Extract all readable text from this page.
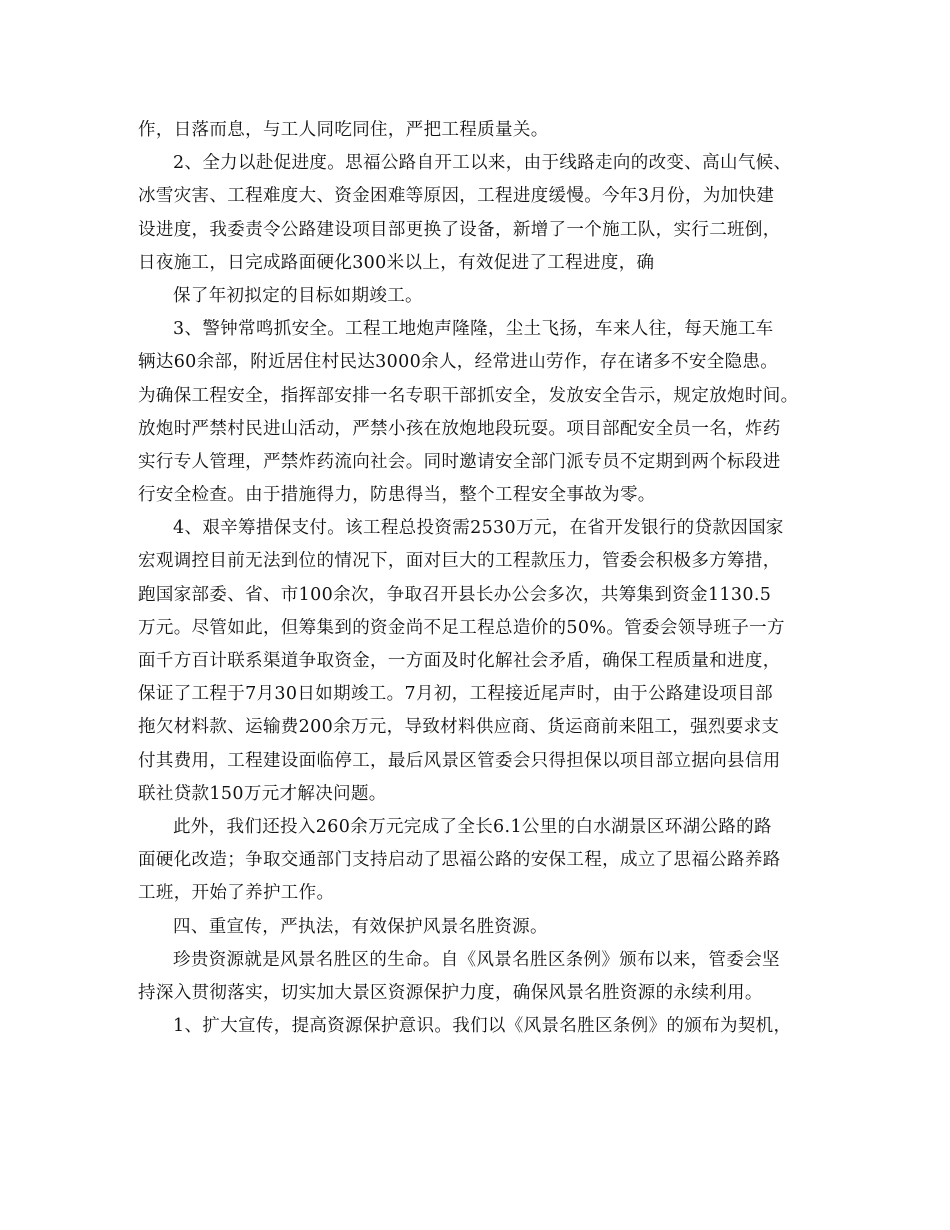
作，日落而息，与工人同吃同住，严把工程质量关。
2、全力以赴促进度。思福公路自开工以来，由于线路走向的改变、高山气候、
冰雪灾害、工程难度大、资金困难等原因，工程进度缓慢。今年3月份，为加快建
设进度，我委责令公路建设项目部更换了设备，新增了一个施工队，实行二班倒，
日夜施工，日完成路面硬化300米以上，有效促进了工程进度，确
保了年初拟定的目标如期竣工。
3、警钟常鸣抓安全。工程工地炮声隆隆，尘土飞扬，车来人往，每天施工车
辆达60余部，附近居住村民达3000余人，经常进山劳作，存在诸多不安全隐患。
为确保工程安全，指挥部安排一名专职干部抓安全，发放安全告示，规定放炮时间。
放炮时严禁村民进山活动，严禁小孩在放炮地段玩耍。项目部配安全员一名，炸药
实行专人管理，严禁炸药流向社会。同时邀请安全部门派专员不定期到两个标段进
行安全检查。由于措施得力，防患得当，整个工程安全事故为零。
4、艰辛筹措保支付。该工程总投资需2530万元，在省开发银行的贷款因国家
宏观调控目前无法到位的情况下，面对巨大的工程款压力，管委会积极多方筹措，
跑国家部委、省、市100余次，争取召开县长办公会多次，共筹集到资金1130.5
万元。尽管如此，但筹集到的资金尚不足工程总造价的50%。管委会领导班子一方
面千方百计联系渠道争取资金，一方面及时化解社会矛盾，确保工程质量和进度，
保证了工程于7月30日如期竣工。7月初，工程接近尾声时，由于公路建设项目部
拖欠材料款、运输费200余万元，导致材料供应商、货运商前来阻工，强烈要求支
付其费用，工程建设面临停工，最后风景区管委会只得担保以项目部立据向县信用
联社贷款150万元才解决问题。
此外，我们还投入260余万元完成了全长6.1公里的白水湖景区环湖公路的路
面硬化改造；争取交通部门支持启动了思福公路的安保工程，成立了思福公路养路
工班，开始了养护工作。
四、重宣传，严执法，有效保护风景名胜资源。
珍贵资源就是风景名胜区的生命。自《风景名胜区条例》颁布以来，管委会坚
持深入贯彻落实，切实加大景区资源保护力度，确保风景名胜资源的永续利用。
1、扩大宣传，提高资源保护意识。我们以《风景名胜区条例》的颁布为契机，
